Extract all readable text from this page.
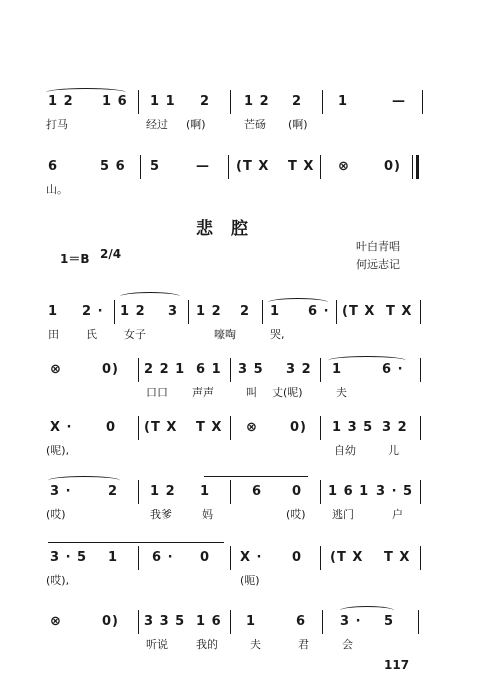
1 2 1 6 1 1 2	1 2 2	1	—
打马	经过 (啊)	芒砀 (啊)
6	5 6 5	— (T X T X ⊗	0)
山。
悲腔
1＝B 2/4
叶白青唱
何远志记
1 2 · 1 2 3 1 2 2 1 6 · (T X T X
田 氏 女子	嚎啕	哭,
⊗	0) 2 2 1 6 1 3 5 3 2 1	6 ·
口口 声声	叫 丈(呢)	夫
X ·	0 (T X T X ⊗ 0) 1 3 5 3 2
(呢),	自幼	儿
3 ·	2 1 2 1	6 0 1 6 1 3 · 5
(哎)	我爹	妈	(哎) 逃门	户
3 · 5 1	6 · 0 X · 0 (T X T X
(哎),	(呃)
⊗	0) 3 3 5 1 6 1	6	3 · 5
听说	我的	夫	君	会
117
